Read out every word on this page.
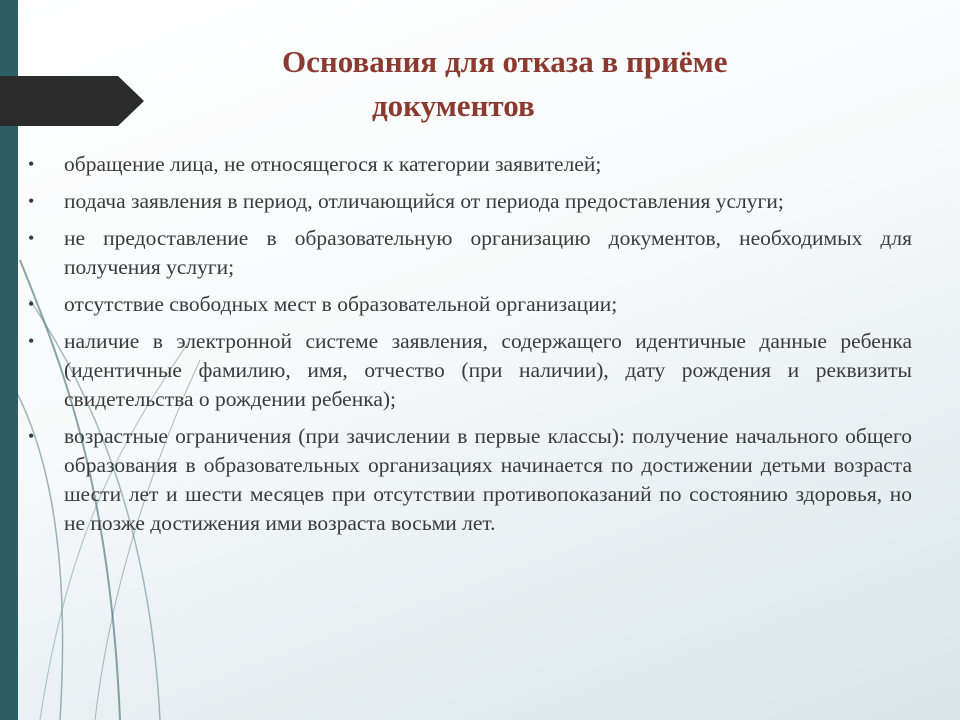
Основания для отказа в приёме
документов
• обращение лица, не относящегося к категории заявителей;
• подача заявления в период, отличающийся от периода предоставления услуги;
• не предоставление в образовательную организацию документов, необходимых для получения услуги;
• отсутствие свободных мест в образовательной организации;
• наличие в электронной системе заявления, содержащего идентичные данные ребенка (идентичные фамилию, имя, отчество (при наличии), дату рождения и реквизиты свидетельства о рождении ребенка);
• возрастные ограничения (при зачислении в первые классы): получение начального общего образования в образовательных организациях начинается по достижении детьми возраста шести лет и шести месяцев при отсутствии противопоказаний по состоянию здоровья, но не позже достижения ими возраста восьми лет.
